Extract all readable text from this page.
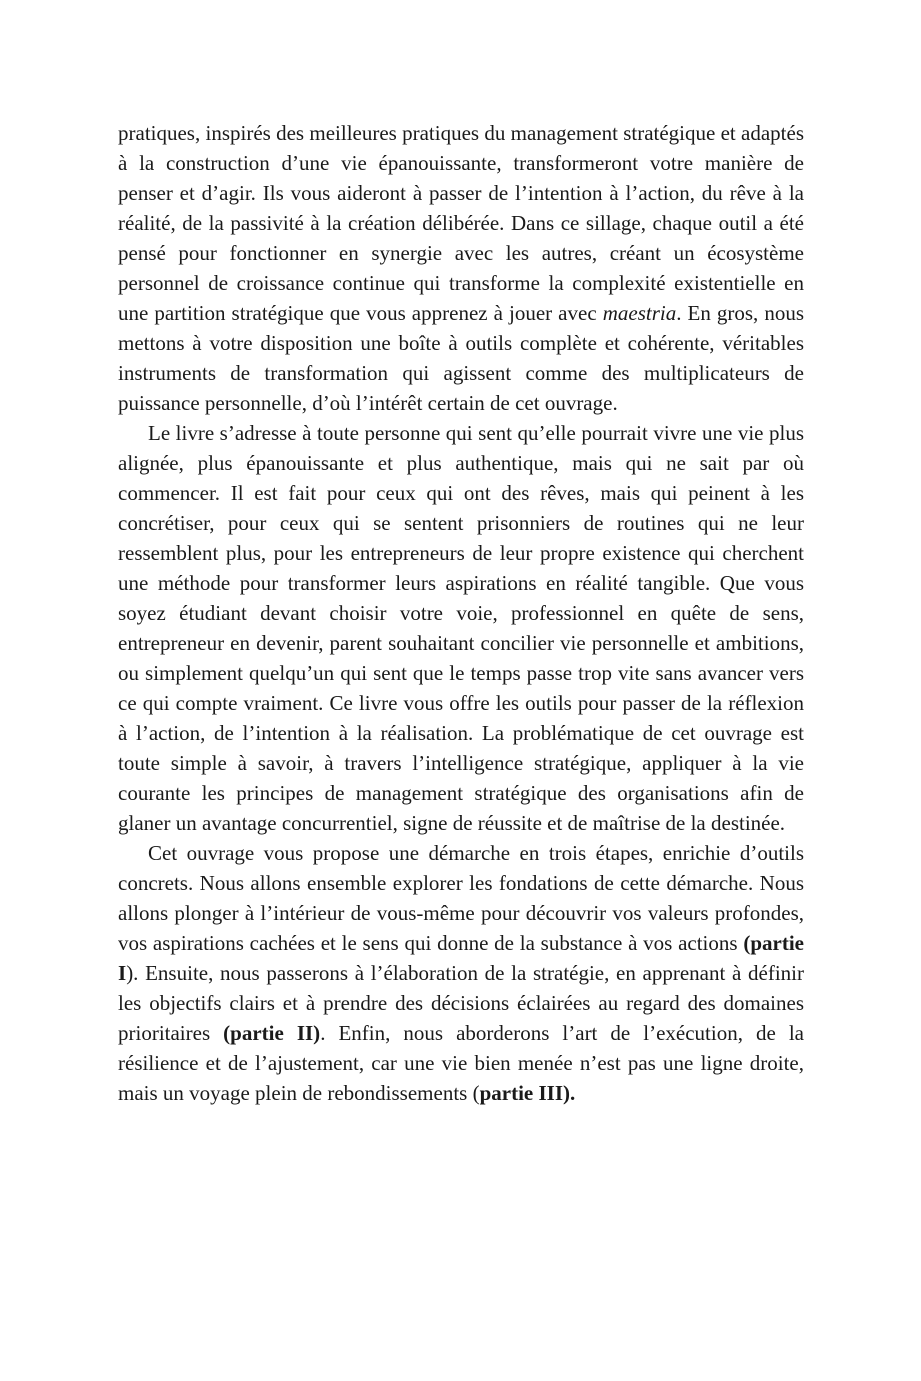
pratiques, inspirés des meilleures pratiques du management stratégique et adaptés à la construction d’une vie épanouissante, transformeront votre manière de penser et d’agir. Ils vous aideront à passer de l’intention à l’action, du rêve à la réalité, de la passivité à la création délibérée. Dans ce sillage, chaque outil a été pensé pour fonctionner en synergie avec les autres, créant un écosystème personnel de croissance continue qui transforme la complexité existentielle en une partition stratégique que vous apprenez à jouer avec maestria. En gros, nous mettons à votre disposition une boîte à outils complète et cohérente, véritables instruments de transformation qui agissent comme des multiplicateurs de puissance personnelle, d’où l’intérêt certain de cet ouvrage.

Le livre s’adresse à toute personne qui sent qu’elle pourrait vivre une vie plus alignée, plus épanouissante et plus authentique, mais qui ne sait par où commencer. Il est fait pour ceux qui ont des rêves, mais qui peinent à les concrétiser, pour ceux qui se sentent prisonniers de routines qui ne leur ressemblent plus, pour les entrepreneurs de leur propre existence qui cherchent une méthode pour transformer leurs aspirations en réalité tangible. Que vous soyez étudiant devant choisir votre voie, professionnel en quête de sens, entrepreneur en devenir, parent souhaitant concilier vie personnelle et ambitions, ou simplement quelqu’un qui sent que le temps passe trop vite sans avancer vers ce qui compte vraiment. Ce livre vous offre les outils pour passer de la réflexion à l’action, de l’intention à la réalisation. La problématique de cet ouvrage est toute simple à savoir, à travers l’intelligence stratégique, appliquer à la vie courante les principes de management stratégique des organisations afin de glaner un avantage concurrentiel, signe de réussite et de maîtrise de la destinée.

Cet ouvrage vous propose une démarche en trois étapes, enrichie d’outils concrets. Nous allons ensemble explorer les fondations de cette démarche. Nous allons plonger à l’intérieur de vous-même pour découvrir vos valeurs profondes, vos aspirations cachées et le sens qui donne de la substance à vos actions (partie I). Ensuite, nous passerons à l’élaboration de la stratégie, en apprenant à définir les objectifs clairs et à prendre des décisions éclairées au regard des domaines prioritaires (partie II). Enfin, nous aborderons l’art de l’exécution, de la résilience et de l’ajustement, car une vie bien menée n’est pas une ligne droite, mais un voyage plein de rebondissements (partie III).
